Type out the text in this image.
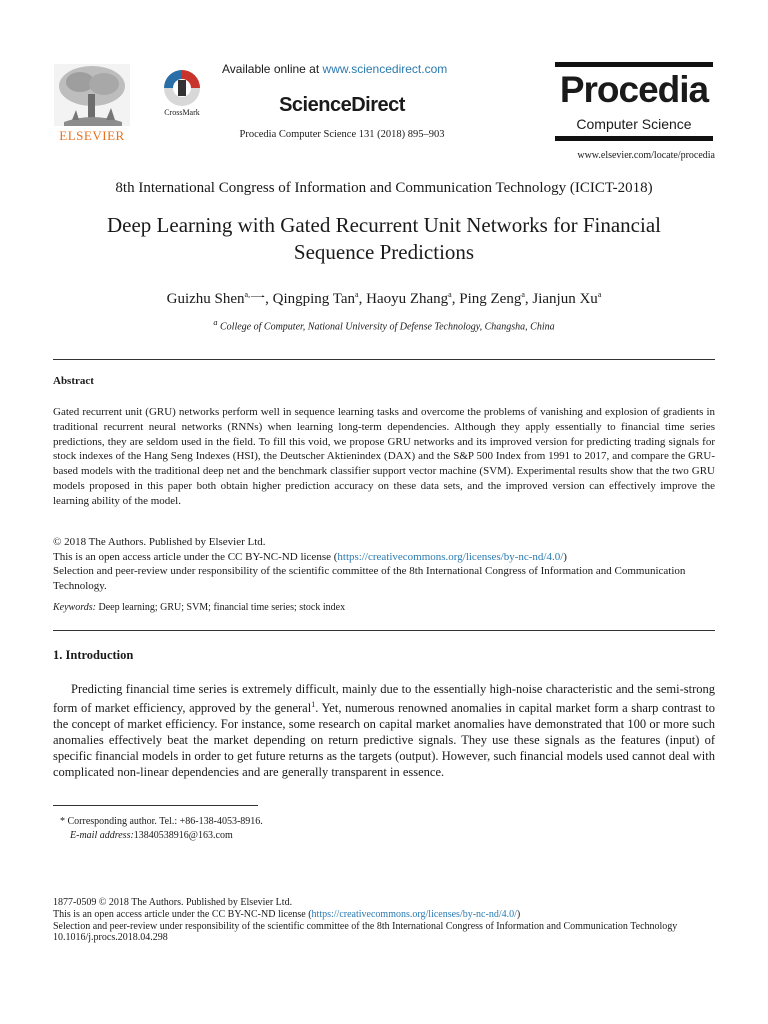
ELSEVIER
CrossMark
Available online at www.sciencedirect.com
ScienceDirect
Procedia Computer Science 131 (2018) 895–903
Procedia
Computer Science
www.elsevier.com/locate/procedia
8th International Congress of Information and Communication Technology (ICICT-2018)
Deep Learning with Gated Recurrent Unit Networks for Financial
Sequence Predictions
Guizhu Shen$^{a,}$一, Qingping Tan$^a$, Haoyu Zhang$^a$, Ping Zeng$^a$, Jianjun Xu$^a$
$^a$ College of Computer, National University of Defense Technology, Changsha, China
Abstract
Gated recurrent unit (GRU) networks perform well in sequence learning tasks and overcome the problems of vanishing and explosion of gradients in traditional recurrent neural networks (RNNs) when learning long-term dependencies. Although they apply essentially to financial time series predictions, they are seldom used in the field. To fill this void, we propose GRU networks and its improved version for predicting trading signals for stock indexes of the Hang Seng Indexes (HSI), the Deutscher Aktienindex (DAX) and the S&P 500 Index from 1991 to 2017, and compare the GRU-based models with the traditional deep net and the benchmark classifier support vector machine (SVM). Experimental results show that the two GRU models proposed in this paper both obtain higher prediction accuracy on these data sets, and the improved version can effectively improve the learning ability of the model.
© 2018 The Authors. Published by Elsevier Ltd.
This is an open access article under the CC BY-NC-ND license (https://creativecommons.org/licenses/by-nc-nd/4.0/)
Selection and peer-review under responsibility of the scientific committee of the 8th International Congress of Information and Communication Technology.
Keywords: Deep learning; GRU; SVM; financial time series; stock index
1. Introduction
Predicting financial time series is extremely difficult, mainly due to the essentially high-noise characteristic and the semi-strong form of market efficiency, approved by the general$^1$. Yet, numerous renowned anomalies in capital market form a sharp contrast to the concept of market efficiency. For instance, some research on capital market anomalies have demonstrated that 100 or more such anomalies effectively beat the market depending on return predictive signals. They use these signals as the features (input) of specific financial models in order to get future returns as the targets (output). However, such financial models used cannot deal with complicated non-linear dependencies and are generally transparent in essence.
* Corresponding author. Tel.: +86-138-4053-8916.
E-mail address:13840538916@163.com
1877-0509 © 2018 The Authors. Published by Elsevier Ltd.
This is an open access article under the CC BY-NC-ND license (https://creativecommons.org/licenses/by-nc-nd/4.0/)
Selection and peer-review under responsibility of the scientific committee of the 8th International Congress of Information and Communication Technology
10.1016/j.procs.2018.04.298
